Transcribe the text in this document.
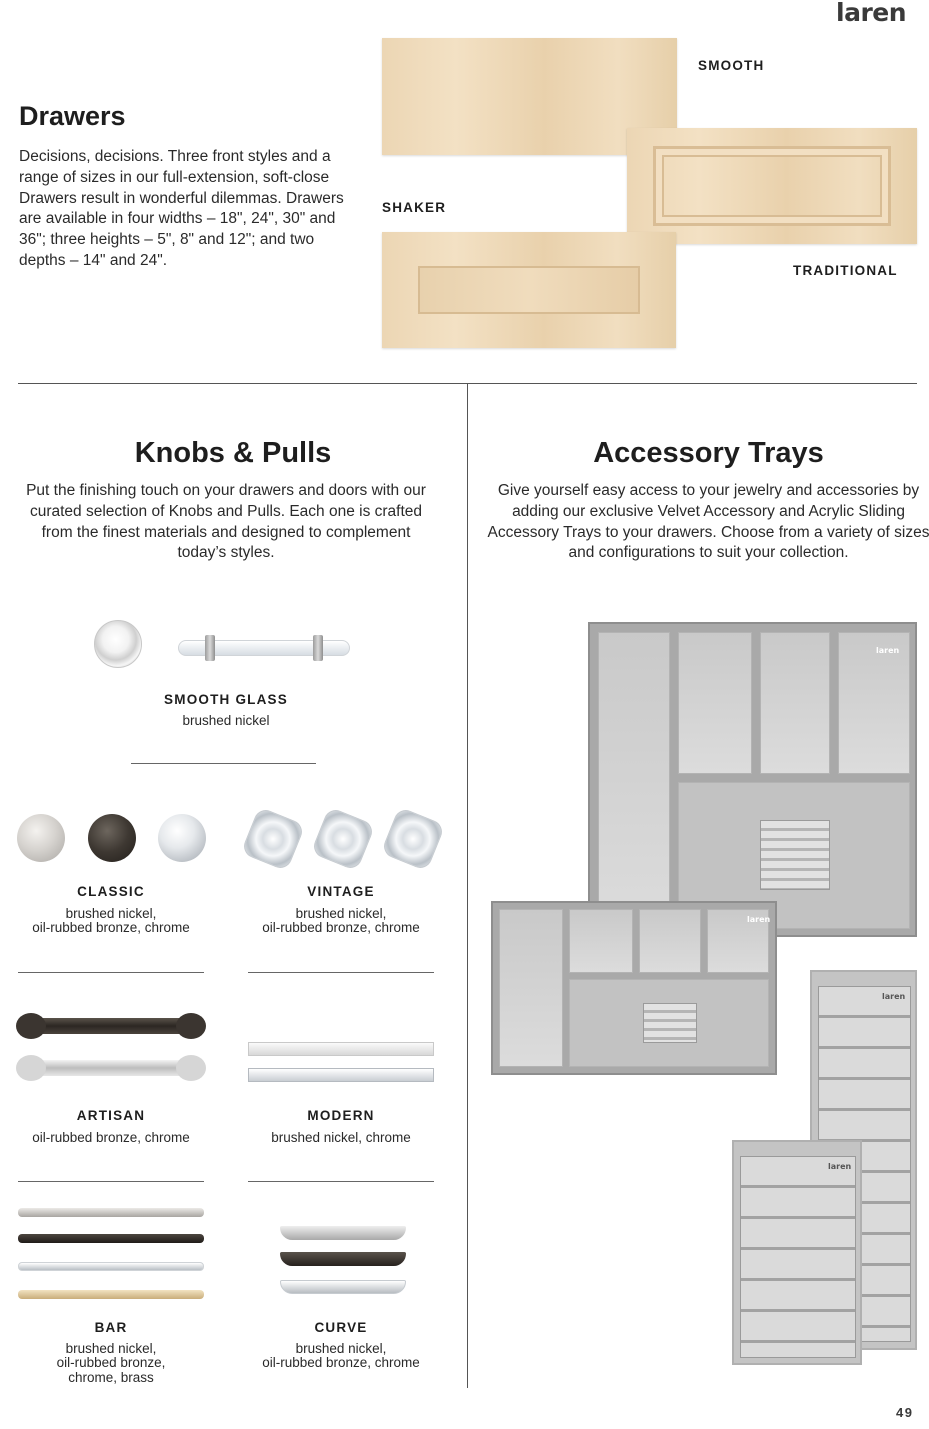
laren
Drawers

Decisions, decisions. Three front styles and a range of sizes in our full-extension, soft-close Drawers result in wonderful dilemmas. Drawers are available in four widths – 18", 24", 30" and 36"; three heights – 5", 8" and 12"; and two depths – 14" and 24".

SMOOTH
SHAKER
TRADITIONAL
Knobs & Pulls

Put the finishing touch on your drawers and doors with our curated selection of Knobs and Pulls. Each one is crafted from the finest materials and designed to complement today’s styles.

SMOOTH GLASS
brushed nickel
CLASSIC
brushed nickel,
oil-rubbed bronze, chrome
VINTAGE
brushed nickel,
oil-rubbed bronze, chrome
ARTISAN
oil-rubbed bronze, chrome
MODERN
brushed nickel, chrome
BAR
brushed nickel,
oil-rubbed bronze,
chrome, brass
CURVE
brushed nickel,
oil-rubbed bronze, chrome
Accessory Trays

Give yourself easy access to your jewelry and accessories by adding our exclusive Velvet Accessory and Acrylic Sliding Accessory Trays to your drawers. Choose from a variety of sizes and configurations to suit your collection.

laren
laren
laren
laren
49
